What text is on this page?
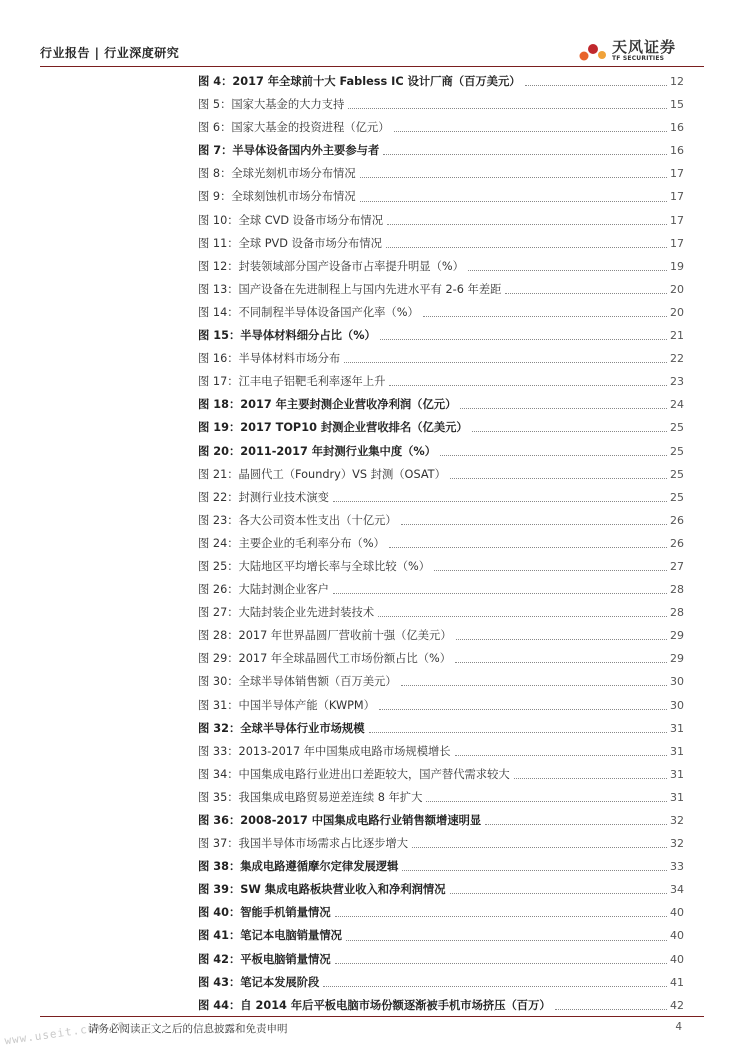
行业报告 | 行业深度研究	天风证券
TF SECURITIES
图 4：2017 年全球前十大 Fabless IC 设计厂商（百万美元）	12
图 5：国家大基金的大力支持	15
图 6：国家大基金的投资进程（亿元）	16
图 7：半导体设备国内外主要参与者	16
图 8：全球光刻机市场分布情况	17
图 9：全球刻蚀机市场分布情况	17
图 10：全球 CVD 设备市场分布情况	17
图 11：全球 PVD 设备市场分布情况	17
图 12：封装领域部分国产设备市占率提升明显（%）	19
图 13：国产设备在先进制程上与国内先进水平有 2-6 年差距	20
图 14：不同制程半导体设备国产化率（%）	20
图 15：半导体材料细分占比（%）	21
图 16：半导体材料市场分布	22
图 17：江丰电子铝靶毛利率逐年上升	23
图 18：2017 年主要封测企业营收净利润（亿元）	24
图 19：2017 TOP10 封测企业营收排名（亿美元）	25
图 20：2011-2017 年封测行业集中度（%）	25
图 21：晶圆代工（Foundry）VS 封测（OSAT）	25
图 22：封测行业技术演变	25
图 23：各大公司资本性支出（十亿元）	26
图 24：主要企业的毛利率分布（%）	26
图 25：大陆地区平均增长率与全球比较（%）	27
图 26：大陆封测企业客户	28
图 27：大陆封装企业先进封装技术	28
图 28：2017 年世界晶圆厂营收前十强（亿美元）	29
图 29：2017 年全球晶圆代工市场份额占比（%）	29
图 30：全球半导体销售额（百万美元）	30
图 31：中国半导体产能（KWPM）	30
图 32：全球半导体行业市场规模	31
图 33：2013-2017 年中国集成电路市场规模增长	31
图 34：中国集成电路行业进出口差距较大，国产替代需求较大	31
图 35：我国集成电路贸易逆差连续 8 年扩大	31
图 36：2008-2017 中国集成电路行业销售额增速明显	32
图 37：我国半导体市场需求占比逐步增大	32
图 38：集成电路遵循摩尔定律发展逻辑	33
图 39：SW 集成电路板块营业收入和净利润情况	34
图 40：智能手机销量情况	40
图 41：笔记本电脑销量情况	40
图 42：平板电脑销量情况	40
图 43：笔记本发展阶段	41
图 44：自 2014 年后平板电脑市场份额逐渐被手机市场挤压（百万）	42
www.useit.com.cn
请务必阅读正文之后的信息披露和免责申明	4
